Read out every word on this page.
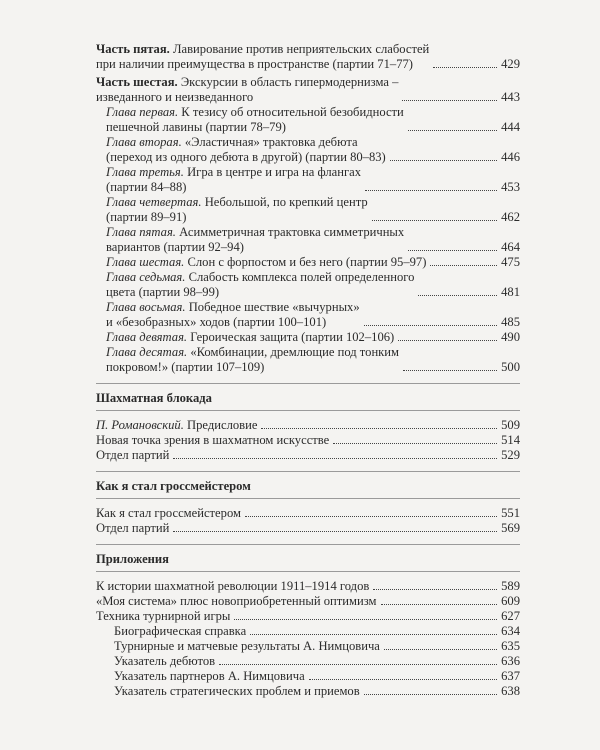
Часть пятая. Лавирование против неприятельских слабостей
при наличии преимущества в пространстве (партии 71–77)	429
Часть шестая. Экскурсии в область гипермодернизма –
изведанного и неизведанного	443
Глава первая. К тезису об относительной безобидности
пешечной лавины (партии 78–79)	444
Глава вторая. «Эластичная» трактовка дебюта
(переход из одного дебюта в другой) (партии 80–83)	446
Глава третья. Игра в центре и игра на флангах
(партии 84–88)	453
Глава четвертая. Небольшой, по крепкий центр
(партии 89–91)	462
Глава пятая. Асимметричная трактовка симметричных
вариантов (партии 92–94)	464
Глава шестая. Слон с форпостом и без него (партии 95–97)	475
Глава седьмая. Слабость комплекса полей определенного
цвета (партии 98–99)	481
Глава восьмая. Победное шествие «вычурных»
и «безобразных» ходов (партии 100–101)	485
Глава девятая. Героическая защита (партии 102–106)	490
Глава десятая. «Комбинации, дремлющие под тонким
покровом!» (партии 107–109)	500
Шахматная блокада
П. Романовский. Предисловие	509
Новая точка зрения в шахматном искусстве	514
Отдел партий	529
Как я стал гроссмейстером
Как я стал гроссмейстером	551
Отдел партий	569
Приложения
К истории шахматной революции 1911–1914 годов	589
«Моя система» плюс новоприобретенный оптимизм	609
Техника турнирной игры	627
Биографическая справка	634
Турнирные и матчевые результаты А. Нимцовича	635
Указатель дебютов	636
Указатель партнеров А. Нимцовича	637
Указатель стратегических проблем и приемов	638
